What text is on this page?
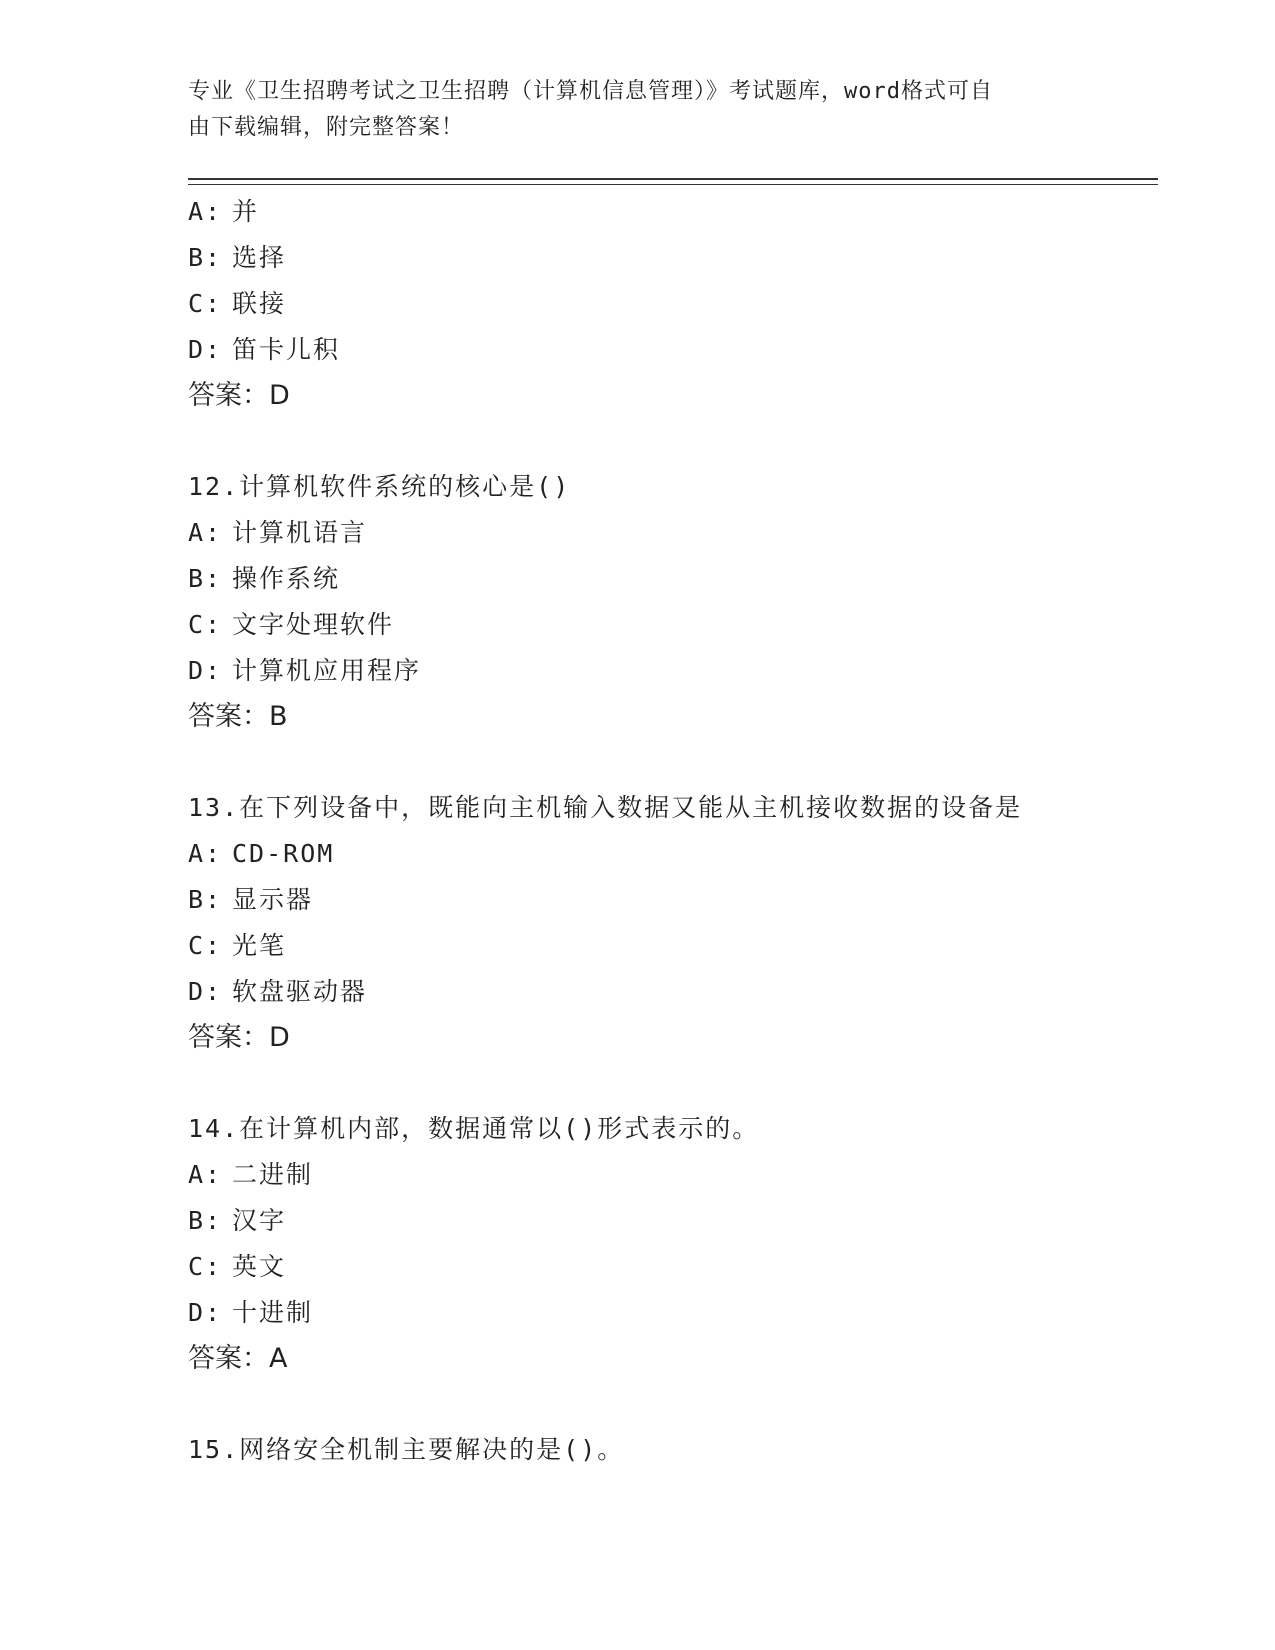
专业《卫生招聘考试之卫生招聘（计算机信息管理）》考试题库，word格式可自
由下载编辑，附完整答案！
A: 并
B: 选择
C: 联接
D: 笛卡儿积
答案：D
12.计算机软件系统的核心是()
A: 计算机语言
B: 操作系统
C: 文字处理软件
D: 计算机应用程序
答案：B
13.在下列设备中，既能向主机输入数据又能从主机接收数据的设备是
A: CD-ROM
B: 显示器
C: 光笔
D: 软盘驱动器
答案：D
14.在计算机内部，数据通常以()形式表示的。
A: 二进制
B: 汉字
C: 英文
D: 十进制
答案：A
15.网络安全机制主要解决的是()。
